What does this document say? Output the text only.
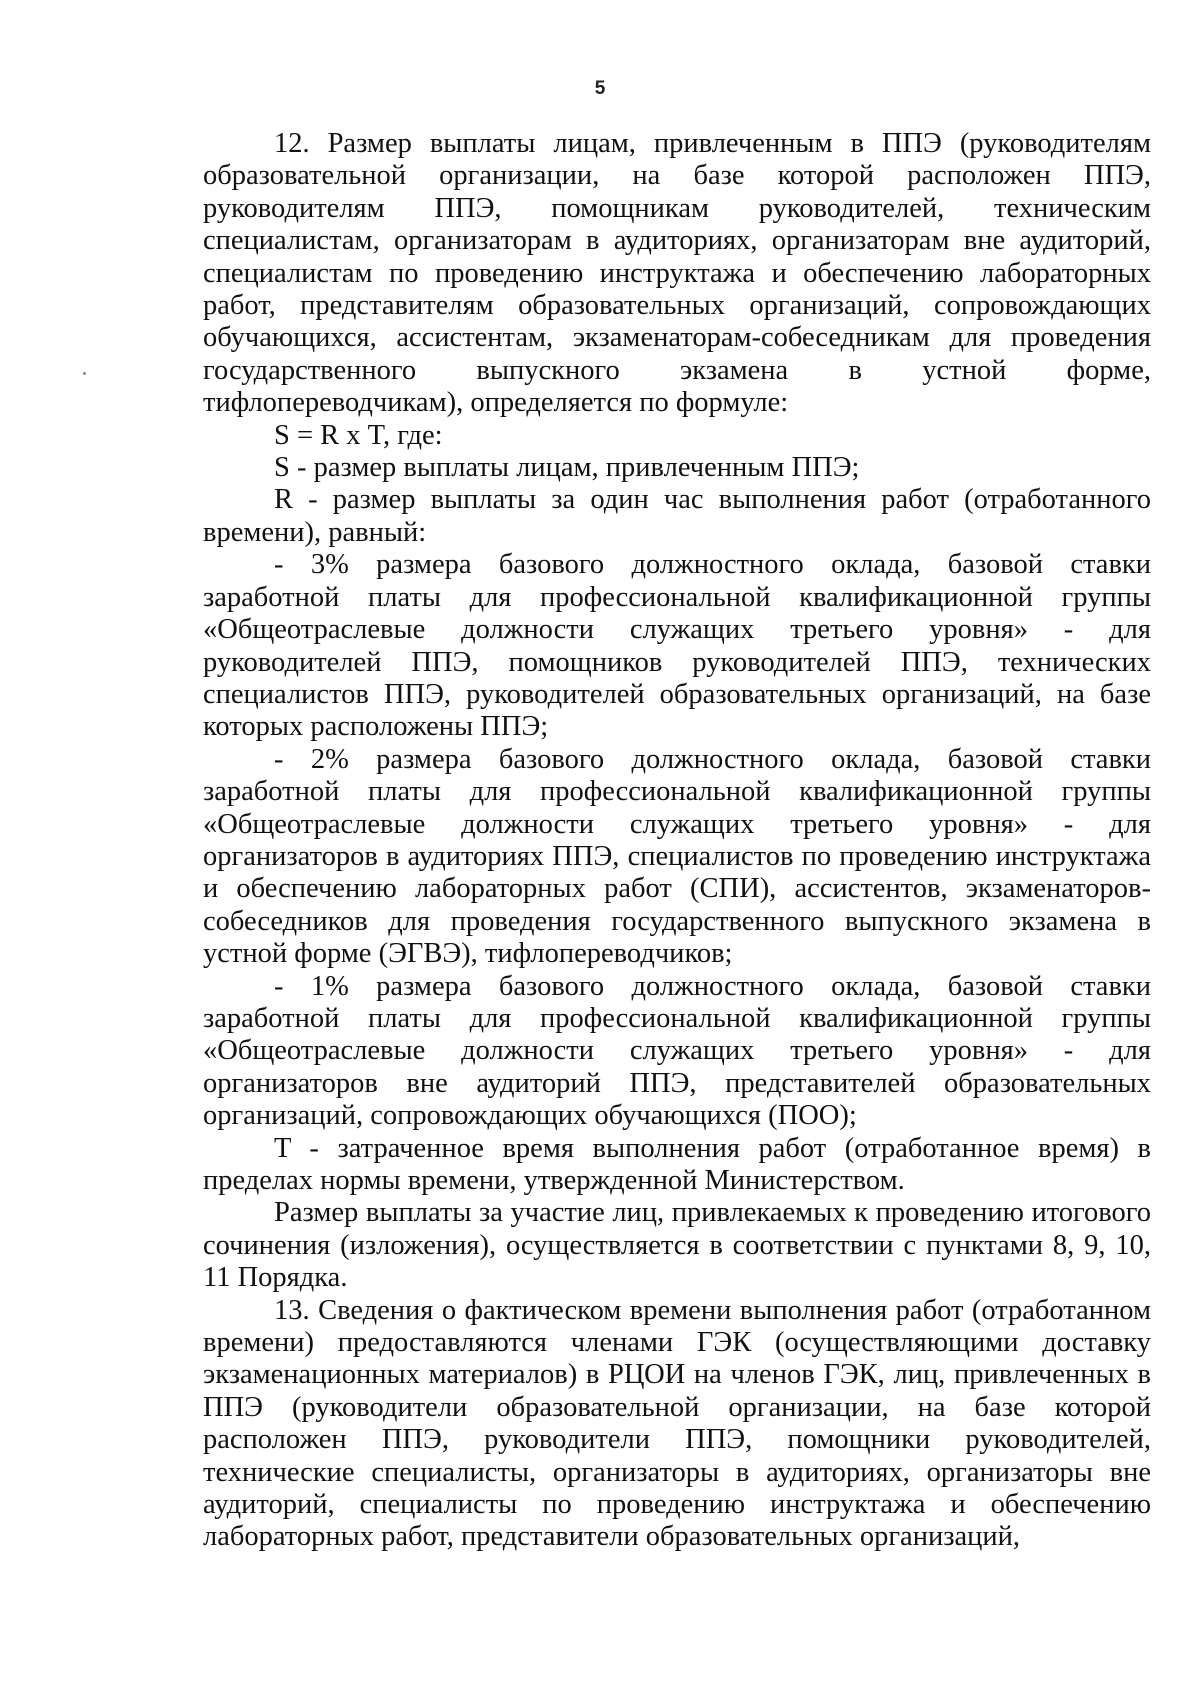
5

12. Размер выплаты лицам, привлеченным в ППЭ (руководителям образовательной организации, на базе которой расположен ППЭ, руководителям ППЭ, помощникам руководителей, техническим специалистам, организаторам в аудиториях, организаторам вне аудиторий, специалистам по проведению инструктажа и обеспечению лабораторных работ, представителям образовательных организаций, сопровождающих обучающихся, ассистентам, экзаменаторам-собеседникам для проведения государственного выпускного экзамена в устной форме, тифлопереводчикам), определяется по формуле:

S = R х T, где:

S - размер выплаты лицам, привлеченным ППЭ;

R - размер выплаты за один час выполнения работ (отработанного времени), равный:

- 3% размера базового должностного оклада, базовой ставки заработной платы для профессиональной квалификационной группы «Общеотраслевые должности служащих третьего уровня» - для руководителей ППЭ, помощников руководителей ППЭ, технических специалистов ППЭ, руководителей образовательных организаций, на базе которых расположены ППЭ;

- 2% размера базового должностного оклада, базовой ставки заработной платы для профессиональной квалификационной группы «Общеотраслевые должности служащих третьего уровня» - для организаторов в аудиториях ППЭ, специалистов по проведению инструктажа и обеспечению лабораторных работ (СПИ), ассистентов, экзаменаторов-собеседников для проведения государственного выпускного экзамена в устной форме (ЭГВЭ), тифлопереводчиков;

- 1% размера базового должностного оклада, базовой ставки заработной платы для профессиональной квалификационной группы «Общеотраслевые должности служащих третьего уровня» - для организаторов вне аудиторий ППЭ, представителей образовательных организаций, сопровождающих обучающихся (ПОО);

T - затраченное время выполнения работ (отработанное время) в пределах нормы времени, утвержденной Министерством.

Размер выплаты за участие лиц, привлекаемых к проведению итогового сочинения (изложения), осуществляется в соответствии с пунктами 8, 9, 10, 11 Порядка.

13. Сведения о фактическом времени выполнения работ (отработанном времени) предоставляются членами ГЭК (осуществляющими доставку экзаменационных материалов) в РЦОИ на членов ГЭК, лиц, привлеченных в ППЭ (руководители образовательной организации, на базе которой расположен ППЭ, руководители ППЭ, помощники руководителей, технические специалисты, организаторы в аудиториях, организаторы вне аудиторий, специалисты по проведению инструктажа и обеспечению лабораторных работ, представители образовательных организаций,
